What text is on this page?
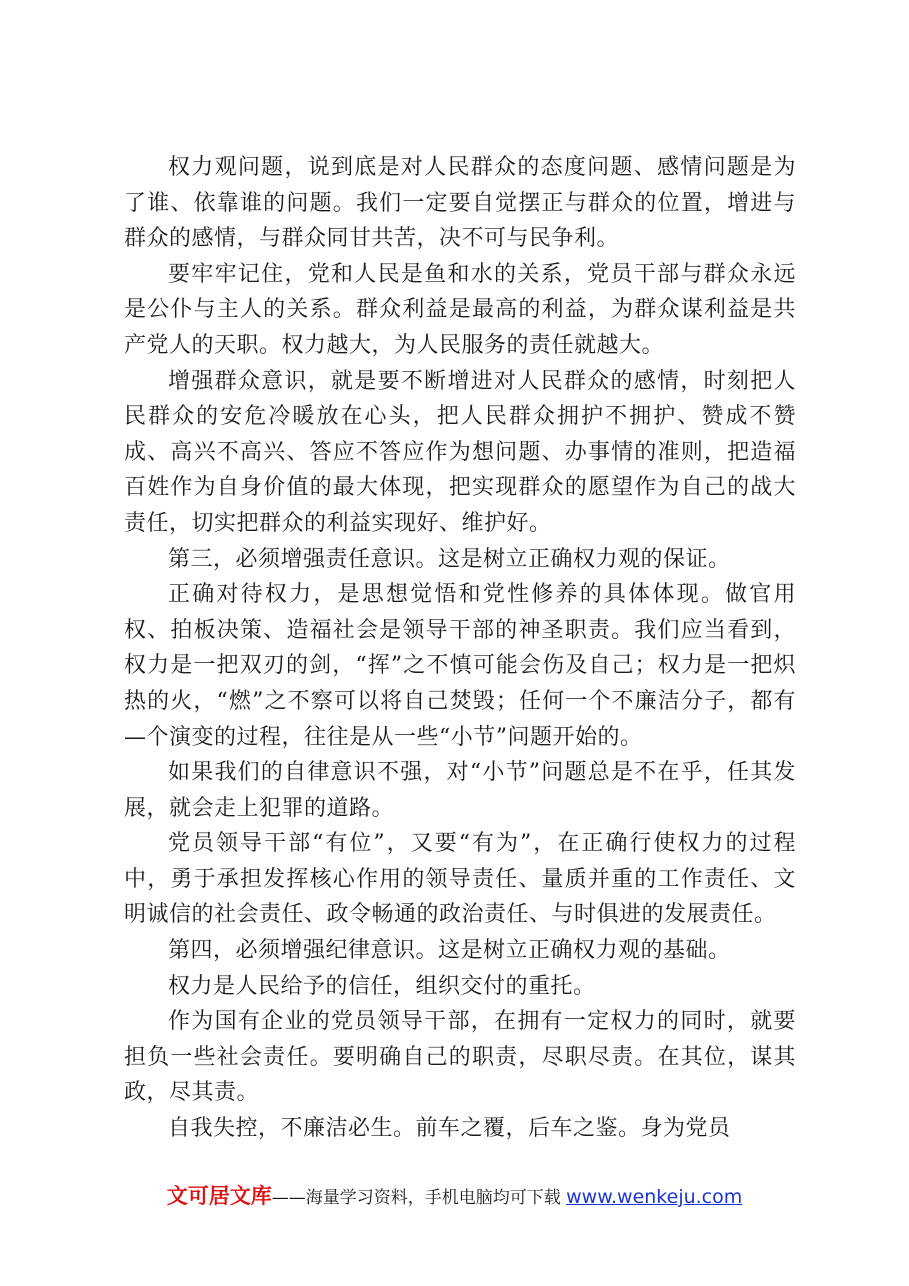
权力观问题，说到底是对人民群众的态度问题、感情问题是为了谁、依靠谁的问题。我们一定要自觉摆正与群众的位置，增进与群众的感情，与群众同甘共苦，决不可与民争利。

要牢牢记住，党和人民是鱼和水的关系，党员干部与群众永远是公仆与主人的关系。群众利益是最高的利益，为群众谋利益是共产党人的天职。权力越大，为人民服务的责任就越大。

增强群众意识，就是要不断增进对人民群众的感情，时刻把人民群众的安危冷暖放在心头，把人民群众拥护不拥护、赞成不赞成、高兴不高兴、答应不答应作为想问题、办事情的准则，把造福百姓作为自身价值的最大体现，把实现群众的愿望作为自己的战大责任，切实把群众的利益实现好、维护好。

第三，必须增强责任意识。这是树立正确权力观的保证。

正确对待权力，是思想觉悟和党性修养的具体体现。做官用权、拍板决策、造福社会是领导干部的神圣职责。我们应当看到，权力是一把双刃的剑，“挥”之不慎可能会伤及自己；权力是一把炽热的火，“燃”之不察可以将自己焚毁；任何一个不廉洁分子，都有—个演变的过程，往往是从一些“小节”问题开始的。

如果我们的自律意识不强，对“小节”问题总是不在乎，任其发展，就会走上犯罪的道路。

党员领导干部“有位”，又要“有为”，在正确行使权力的过程中，勇于承担发挥核心作用的领导责任、量质并重的工作责任、文明诚信的社会责任、政令畅通的政治责任、与时俱进的发展责任。

第四，必须增强纪律意识。这是树立正确权力观的基础。

权力是人民给予的信任，组织交付的重托。

作为国有企业的党员领导干部，在拥有一定权力的同时，就要担负一些社会责任。要明确自己的职责，尽职尽责。在其位，谋其政，尽其责。

自我失控，不廉洁必生。前车之覆，后车之鉴。身为党员

文可居文库——海量学习资料，手机电脑均可下载 www.wenkeju.com
